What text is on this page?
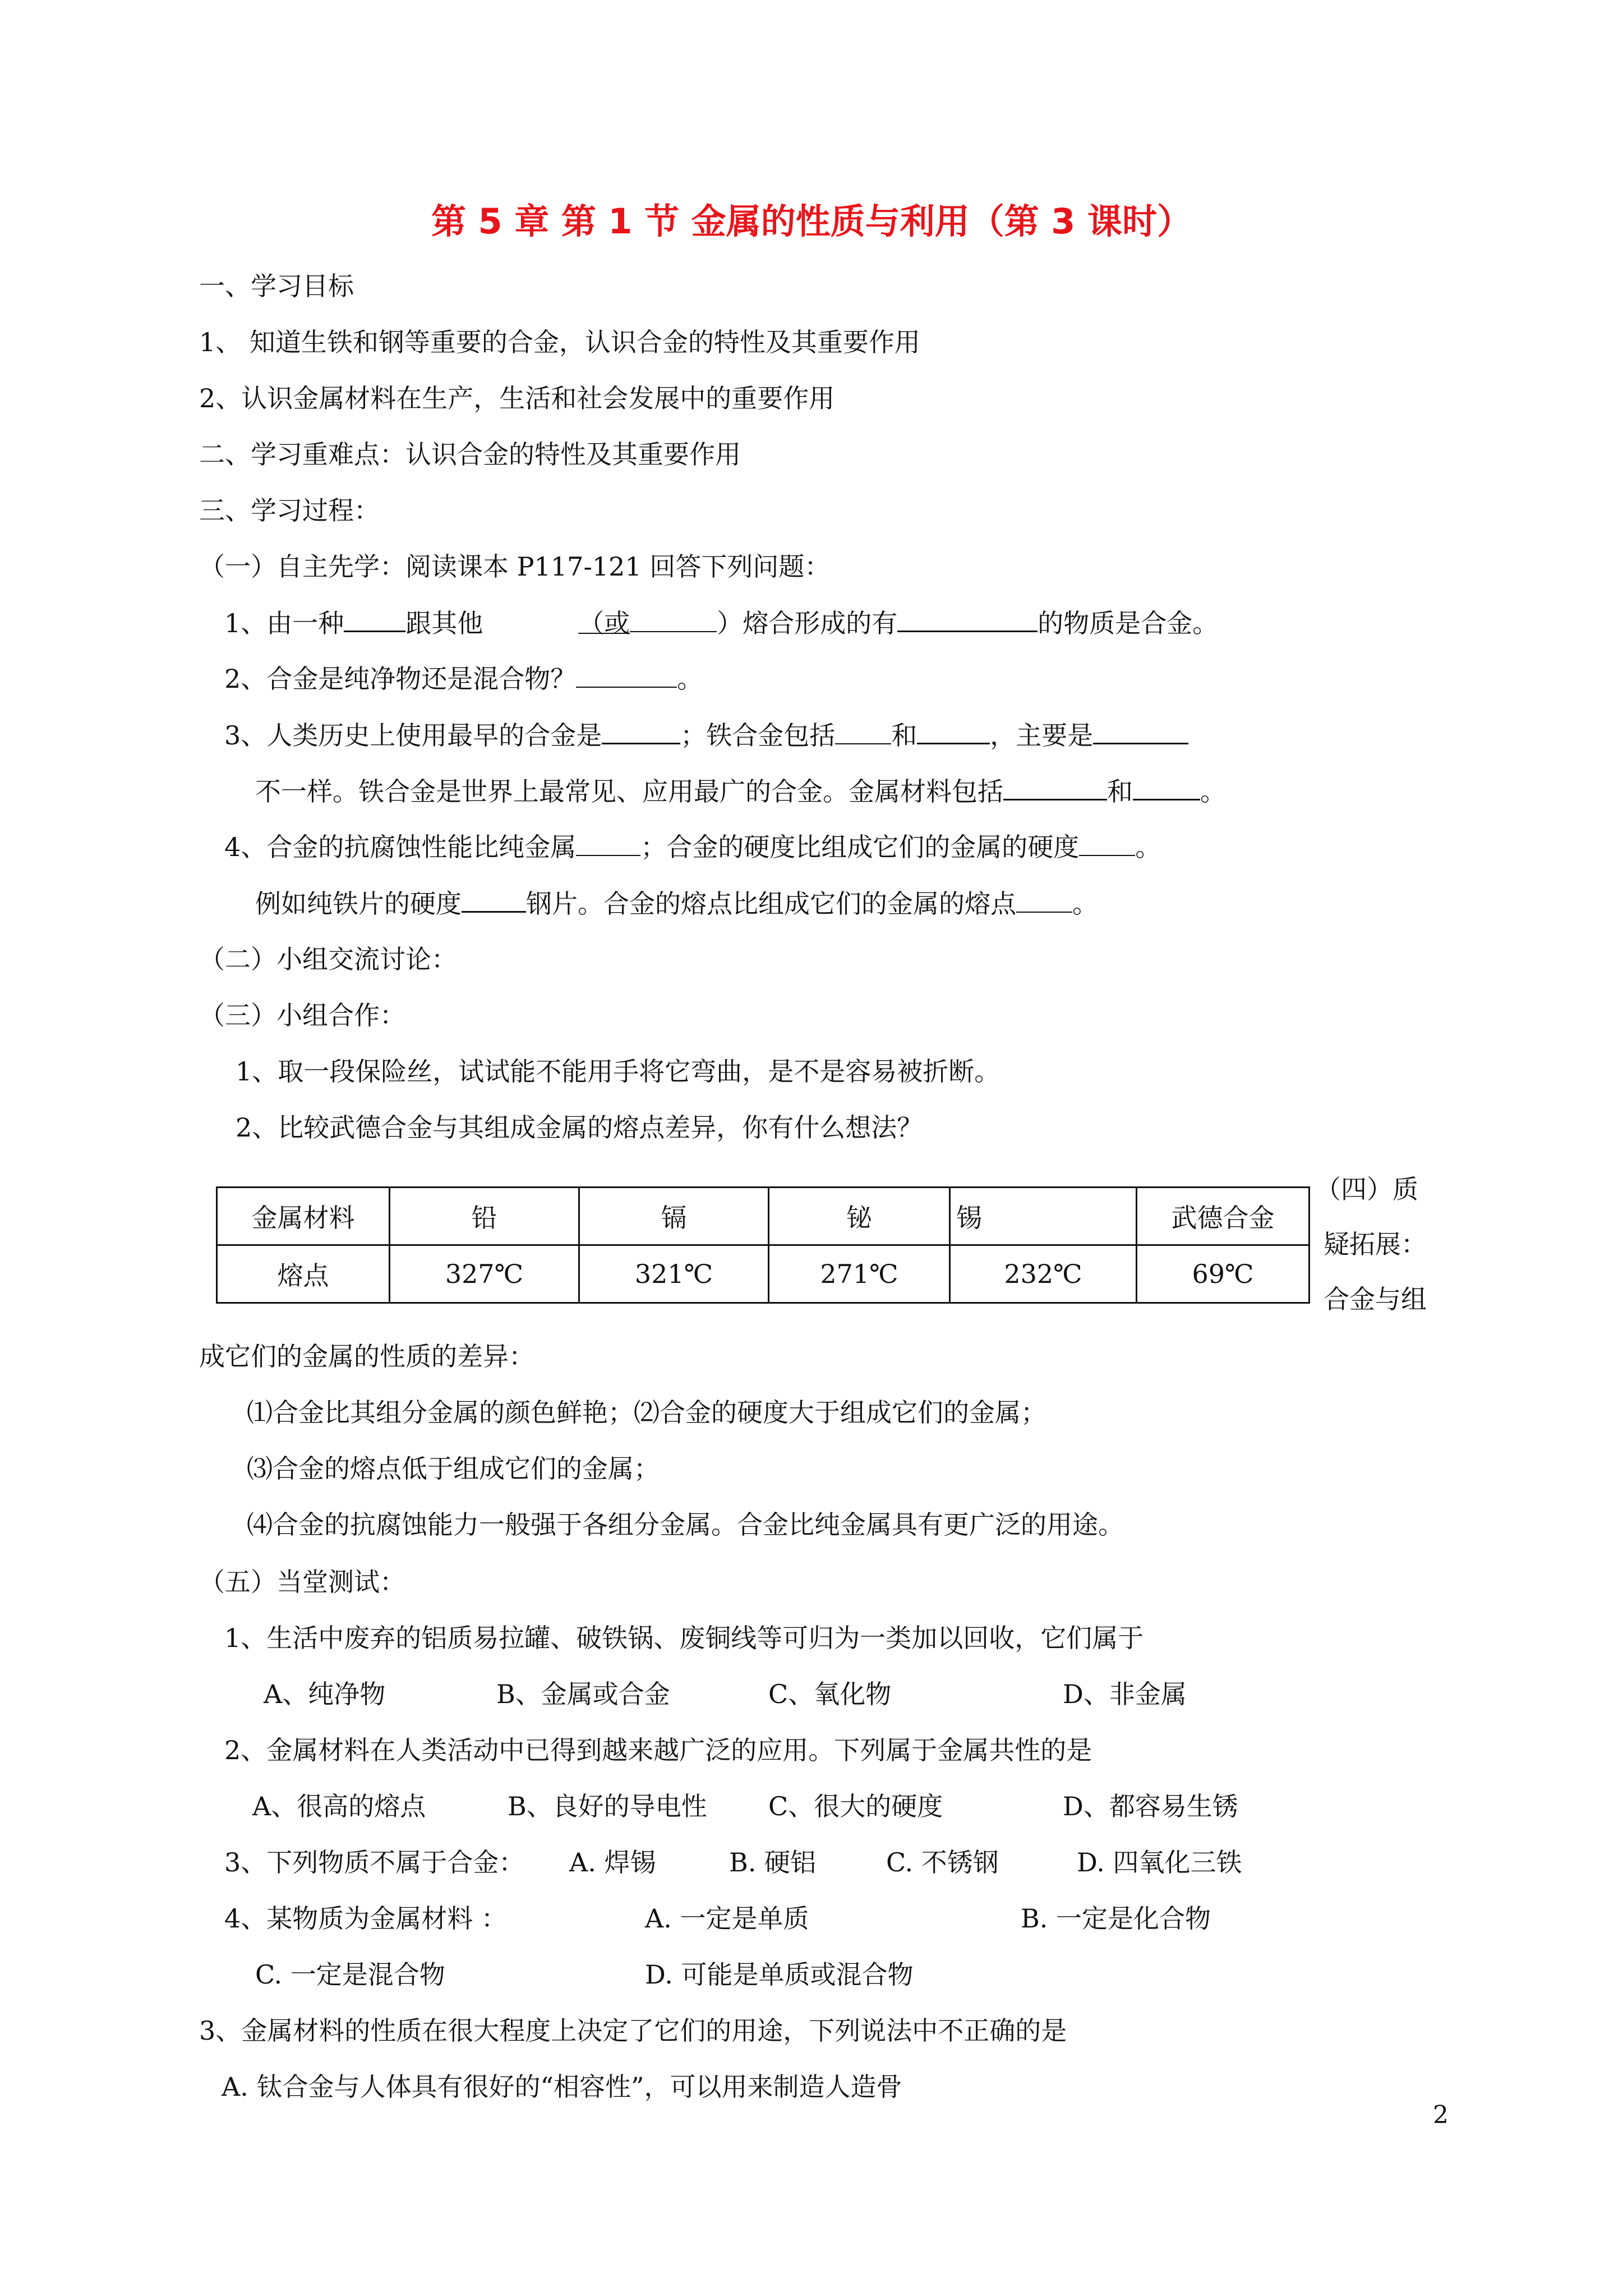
第 5 章 第 1 节 金属的性质与利用（第 3 课时）
一、学习目标
1、 知道生铁和钢等重要的合金，认识合金的特性及其重要作用
2、认识金属材料在生产，生活和社会发展中的重要作用
二、学习重难点：认识合金的特性及其重要作用
三、学习过程：
（一）自主先学：阅读课本 P117-121 回答下列问题：
1、由一种 跟其他	（或	）熔合形成的有	的物质是合金。
2、合金是纯净物还是混合物？	。
3、人类历史上使用最早的合金是	；铁合金包括 和	，主要是
不一样。铁合金是世界上最常见、应用最广的合金。金属材料包括	和	。
4、合金的抗腐蚀性能比纯金属	；合金的硬度比组成它们的金属的硬度 。
例如纯铁片的硬度	钢片。合金的熔点比组成它们的金属的熔点 。
（二）小组交流讨论：
（三）小组合作：
1、取一段保险丝，试试能不能用手将它弯曲，是不是容易被折断。
2、比较武德合金与其组成金属的熔点差异，你有什么想法？
金属材料	铅	镉	铋	锡	武德合金
熔点	327℃	321℃	271℃	232℃	69℃
（四）质
疑拓展：
合金与组
成它们的金属的性质的差异：
⑴合金比其组分金属的颜色鲜艳；⑵合金的硬度大于组成它们的金属；
⑶合金的熔点低于组成它们的金属；
⑷合金的抗腐蚀能力一般强于各组分金属。合金比纯金属具有更广泛的用途。
（五）当堂测试：
1、生活中废弃的铝质易拉罐、破铁锅、废铜线等可归为一类加以回收，它们属于
A、纯净物	B、金属或合金	C、氧化物	D、非金属
2、金属材料在人类活动中已得到越来越广泛的应用。下列属于金属共性的是
A、很高的熔点	B、良好的导电性 C、很大的硬度	D、都容易生锈
3、下列物质不属于合金： A. 焊锡	B. 硬铝	C. 不锈钢	D. 四氧化三铁
4、某物质为金属材料 ：	A. 一定是单质	B. 一定是化合物
C. 一定是混合物	D. 可能是单质或混合物
3、金属材料的性质在很大程度上决定了它们的用途，下列说法中不正确的是
A. 钛合金与人体具有很好的“相容性”，可以用来制造人造骨
2
